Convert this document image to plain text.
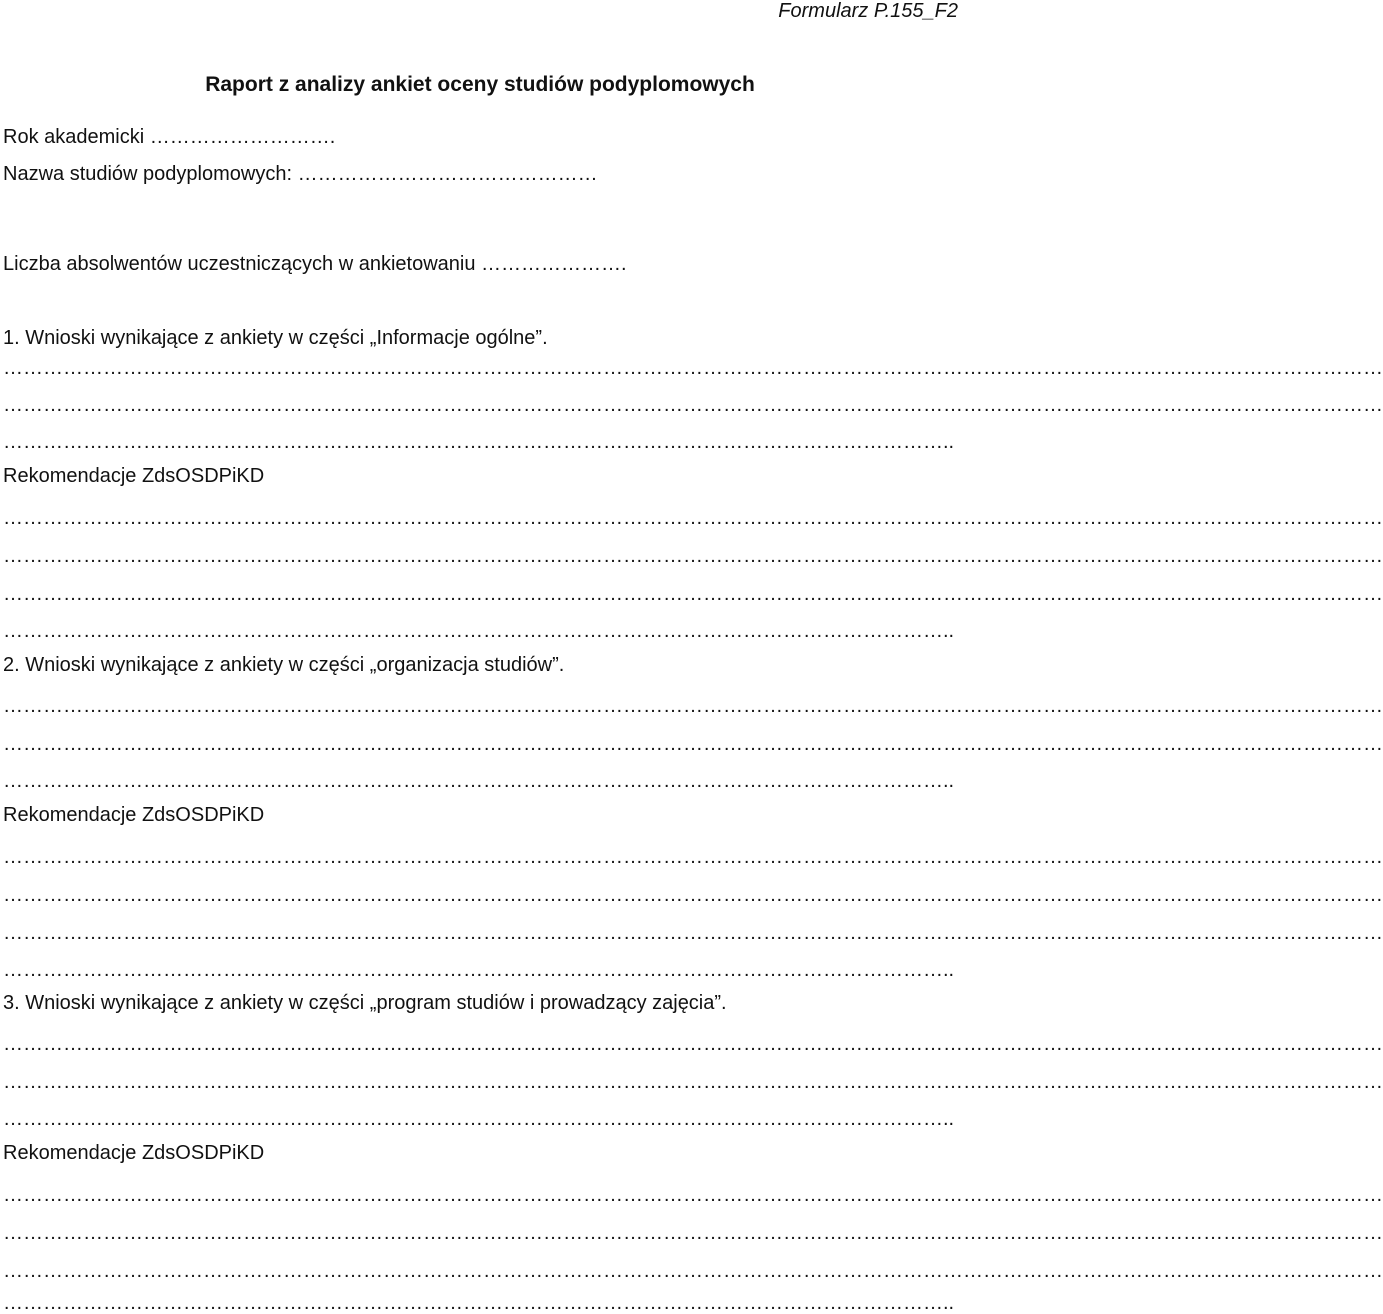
Formularz P.155_F2
Raport z analizy ankiet oceny studiów podyplomowych
Rok akademicki ……………………….
Nazwa studiów podyplomowych: ………………………………………
Liczba absolwentów uczestniczących w ankietowaniu ………………….
1. Wnioski wynikające z ankiety w części „Informacje ogólne”.
………………………………………………………………………………………………………………………………………………………………………………………
………………………………………………………………………………………………………………………………………………………………………………………
……………………………………………………………………………………………………………………………..
Rekomendacje ZdsOSDPiKD
………………………………………………………………………………………………………………………………………………………………………………………
………………………………………………………………………………………………………………………………………………………………………………………
………………………………………………………………………………………………………………………………………………………………………………………
……………………………………………………………………………………………………………………………..
2. Wnioski wynikające z ankiety w części „organizacja studiów”.
………………………………………………………………………………………………………………………………………………………………………………………
………………………………………………………………………………………………………………………………………………………………………………………
……………………………………………………………………………………………………………………………..
Rekomendacje ZdsOSDPiKD
………………………………………………………………………………………………………………………………………………………………………………………
………………………………………………………………………………………………………………………………………………………………………………………
………………………………………………………………………………………………………………………………………………………………………………………
……………………………………………………………………………………………………………………………..
3. Wnioski wynikające z ankiety w części „program studiów i prowadzący zajęcia”.
………………………………………………………………………………………………………………………………………………………………………………………
………………………………………………………………………………………………………………………………………………………………………………………
……………………………………………………………………………………………………………………………..
Rekomendacje ZdsOSDPiKD
………………………………………………………………………………………………………………………………………………………………………………………
………………………………………………………………………………………………………………………………………………………………………………………
………………………………………………………………………………………………………………………………………………………………………………………
……………………………………………………………………………………………………………………………..
